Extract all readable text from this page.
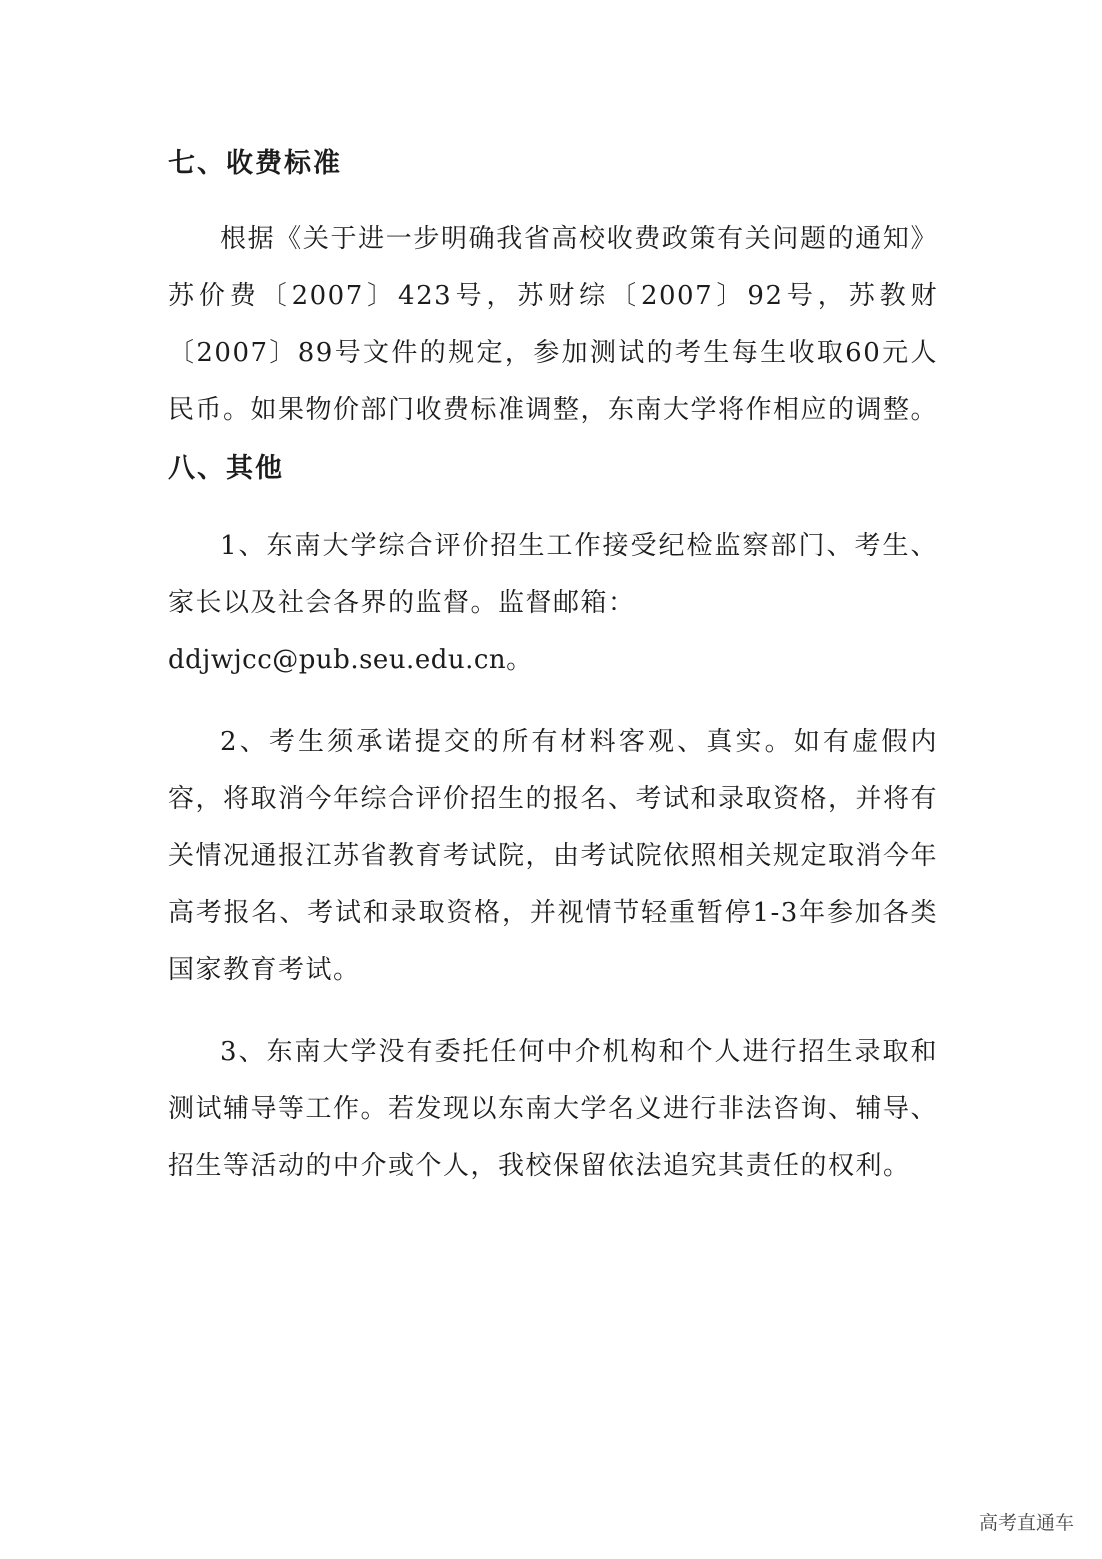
七、收费标准

根据《关于进一步明确我省高校收费政策有关问题的通知》苏价费〔2007〕423号，苏财综〔2007〕92号，苏教财〔2007〕89号文件的规定，参加测试的考生每生收取60元人民币。如果物价部门收费标准调整，东南大学将作相应的调整。

八、其他

1、东南大学综合评价招生工作接受纪检监察部门、考生、家长以及社会各界的监督。监督邮箱：

ddjwjcc@pub.seu.edu.cn。

2、考生须承诺提交的所有材料客观、真实。如有虚假内容，将取消今年综合评价招生的报名、考试和录取资格，并将有关情况通报江苏省教育考试院，由考试院依照相关规定取消今年高考报名、考试和录取资格，并视情节轻重暂停1-3年参加各类国家教育考试。

3、东南大学没有委托任何中介机构和个人进行招生录取和测试辅导等工作。若发现以东南大学名义进行非法咨询、辅导、招生等活动的中介或个人，我校保留依法追究其责任的权利。

高考直通车
